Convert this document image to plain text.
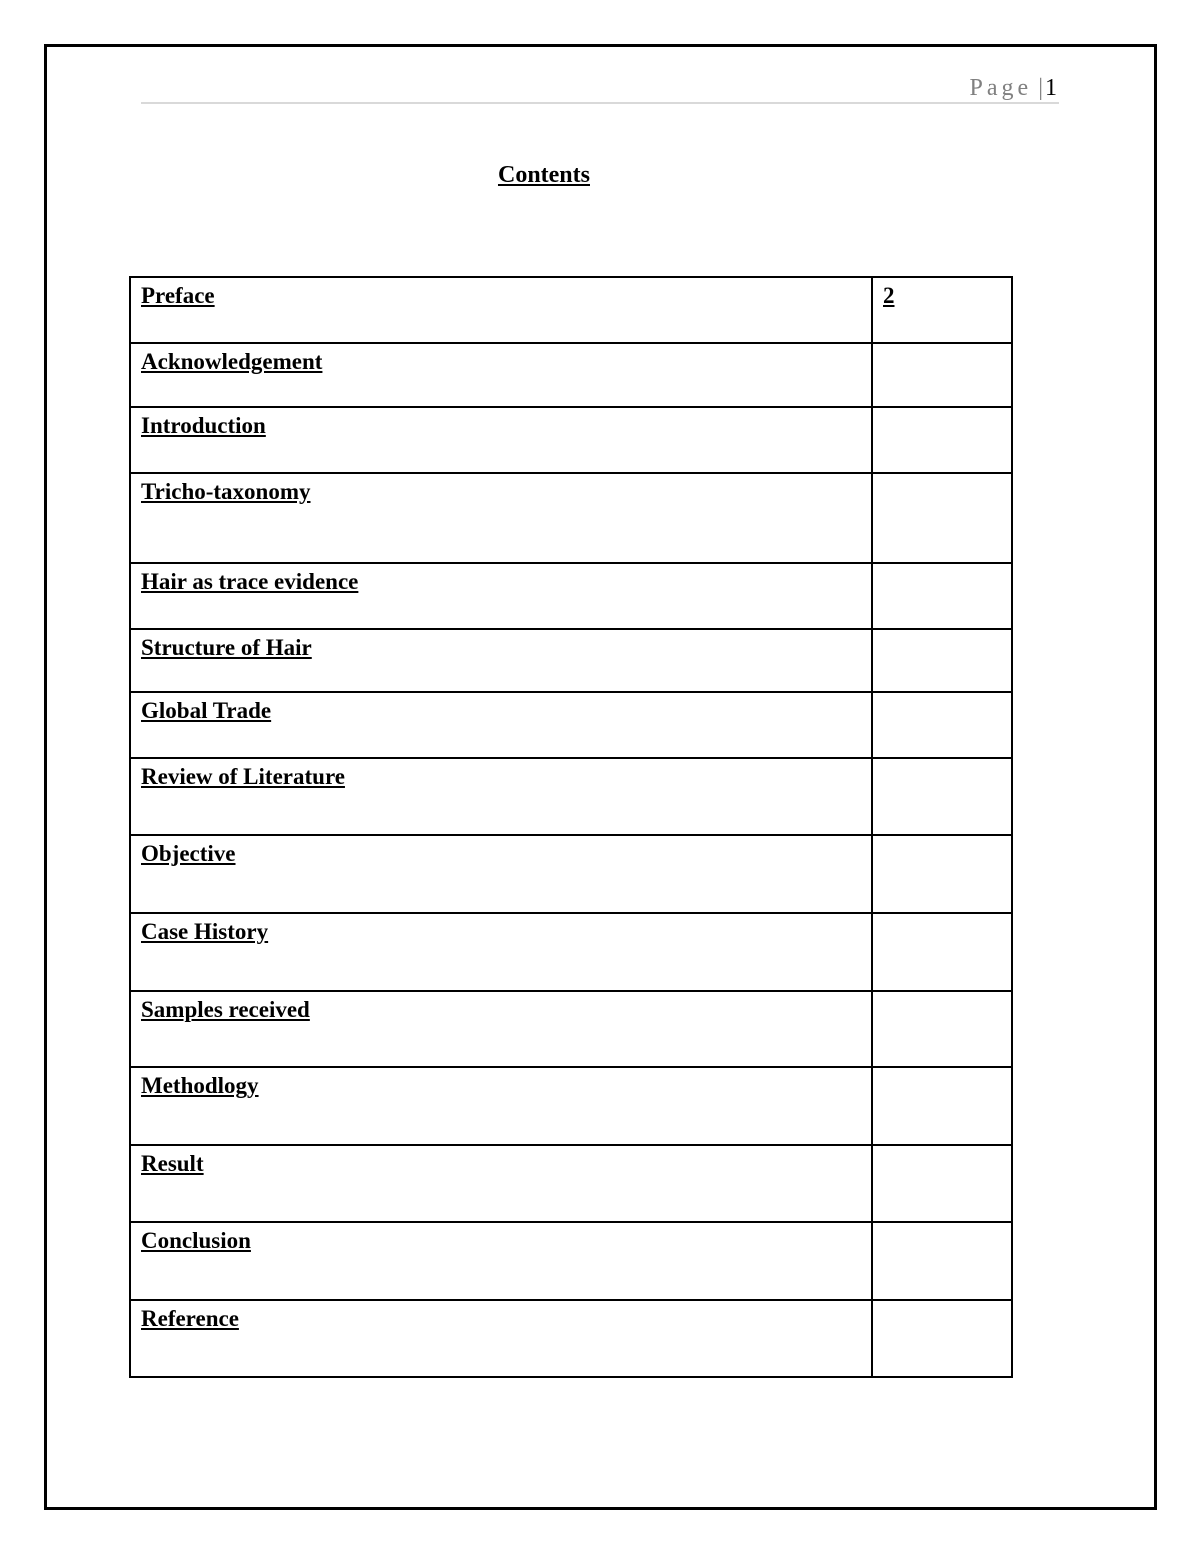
Page |1
Contents
Preface	2
Acknowledgement	
Introduction	
Tricho-taxonomy	
Hair as trace evidence	
Structure of Hair	
Global Trade	
Review of Literature	
Objective	
Case History	
Samples received	
Methodlogy	
Result	
Conclusion	
Reference	
